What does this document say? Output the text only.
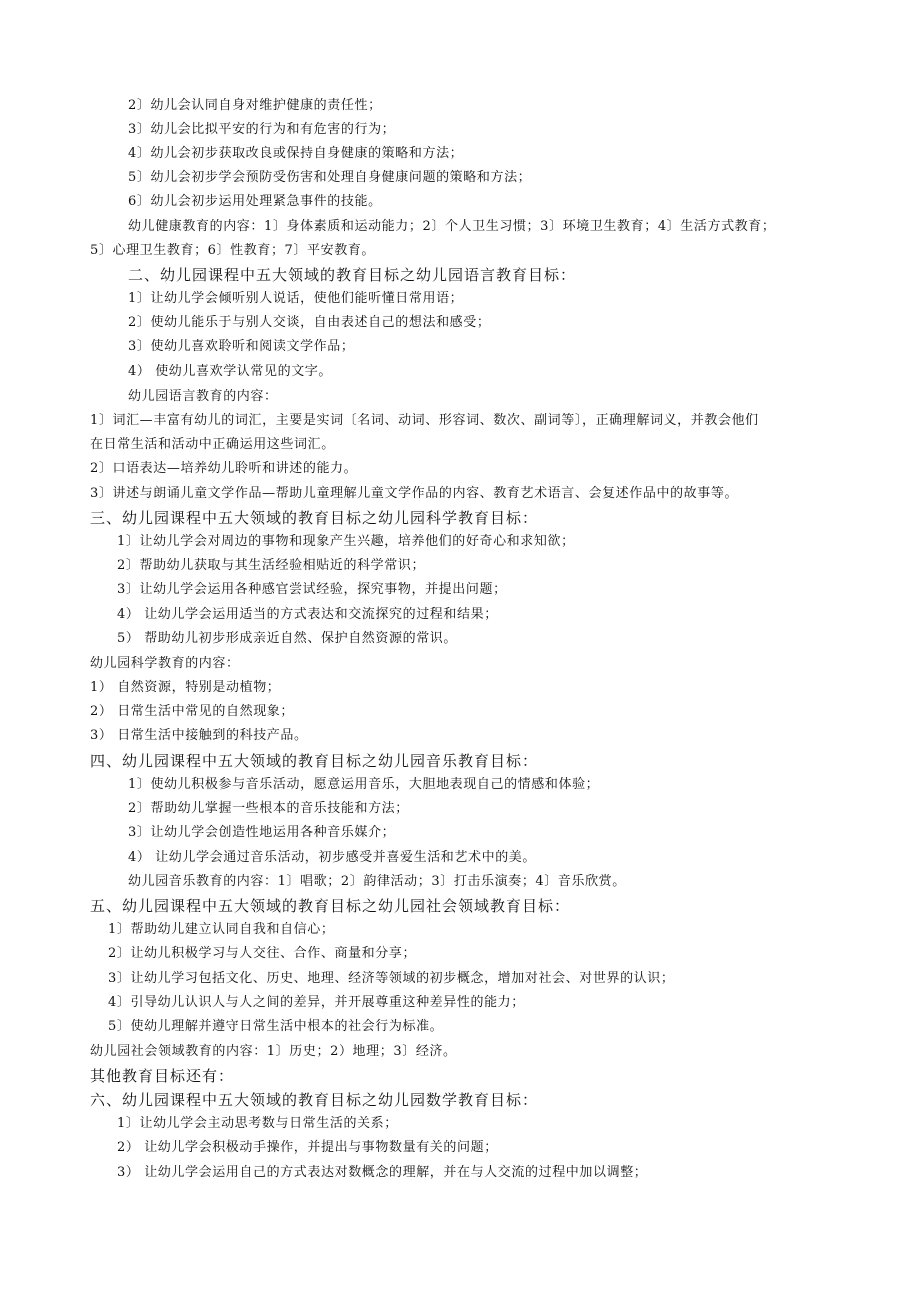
2〕幼儿会认同自身对维护健康的责任性；
3〕幼儿会比拟平安的行为和有危害的行为；
4〕幼儿会初步获取改良或保持自身健康的策略和方法；
5〕幼儿会初步学会预防受伤害和处理自身健康问题的策略和方法；
6〕幼儿会初步运用处理紧急事件的技能。
幼儿健康教育的内容：1〕身体素质和运动能力；2〕个人卫生习惯；3〕环境卫生教育；4〕生活方式教育；
5〕心理卫生教育；6〕性教育；7〕平安教育。
二、幼儿园课程中五大领域的教育目标之幼儿园语言教育目标：
1〕让幼儿学会倾听别人说话，使他们能听懂日常用语；
2〕使幼儿能乐于与别人交谈，自由表述自己的想法和感受；
3〕使幼儿喜欢聆听和阅读文学作品；
4） 使幼儿喜欢学认常见的文字。
幼儿园语言教育的内容：
1〕词汇—丰富有幼儿的词汇，主要是实词〔名词、动词、形容词、数次、副词等〕，正确理解词义，并教会他们
在日常生活和活动中正确运用这些词汇。
2〕口语表达—培养幼儿聆听和讲述的能力。
3〕讲述与朗诵儿童文学作品—帮助儿童理解儿童文学作品的内容、教育艺术语言、会复述作品中的故事等。
三、幼儿园课程中五大领域的教育目标之幼儿园科学教育目标：
1〕让幼儿学会对周边的事物和现象产生兴趣，培养他们的好奇心和求知欲；
2〕帮助幼儿获取与其生活经验相贴近的科学常识；
3〕让幼儿学会运用各种感官尝试经验，探究事物，并提出问题；
4） 让幼儿学会运用适当的方式表达和交流探究的过程和结果；
5） 帮助幼儿初步形成亲近自然、保护自然资源的常识。
幼儿园科学教育的内容：
1） 自然资源，特别是动植物；
2） 日常生活中常见的自然现象；
3） 日常生活中接触到的科技产品。
四、幼儿园课程中五大领域的教育目标之幼儿园音乐教育目标：
1〕使幼儿积极参与音乐活动，愿意运用音乐，大胆地表现自己的情感和体验；
2〕帮助幼儿掌握一些根本的音乐技能和方法；
3〕让幼儿学会创造性地运用各种音乐媒介；
4） 让幼儿学会通过音乐活动，初步感受并喜爱生活和艺术中的美。
幼儿园音乐教育的内容：1〕唱歌；2〕韵律活动；3〕打击乐演奏；4〕音乐欣赏。
五、幼儿园课程中五大领域的教育目标之幼儿园社会领域教育目标：
1〕帮助幼儿建立认同自我和自信心；
2〕让幼儿积极学习与人交往、合作、商量和分享；
3〕让幼儿学习包括文化、历史、地理、经济等领域的初步概念，增加对社会、对世界的认识；
4〕引导幼儿认识人与人之间的差异，并开展尊重这种差异性的能力；
5〕使幼儿理解并遵守日常生活中根本的社会行为标准。
幼儿园社会领域教育的内容：1〕历史；2）地理；3〕经济。
其他教育目标还有：
六、幼儿园课程中五大领域的教育目标之幼儿园数学教育目标：
1〕让幼儿学会主动思考数与日常生活的关系；
2） 让幼儿学会积极动手操作，并提出与事物数量有关的问题；
3） 让幼儿学会运用自己的方式表达对数概念的理解，并在与人交流的过程中加以调整；
